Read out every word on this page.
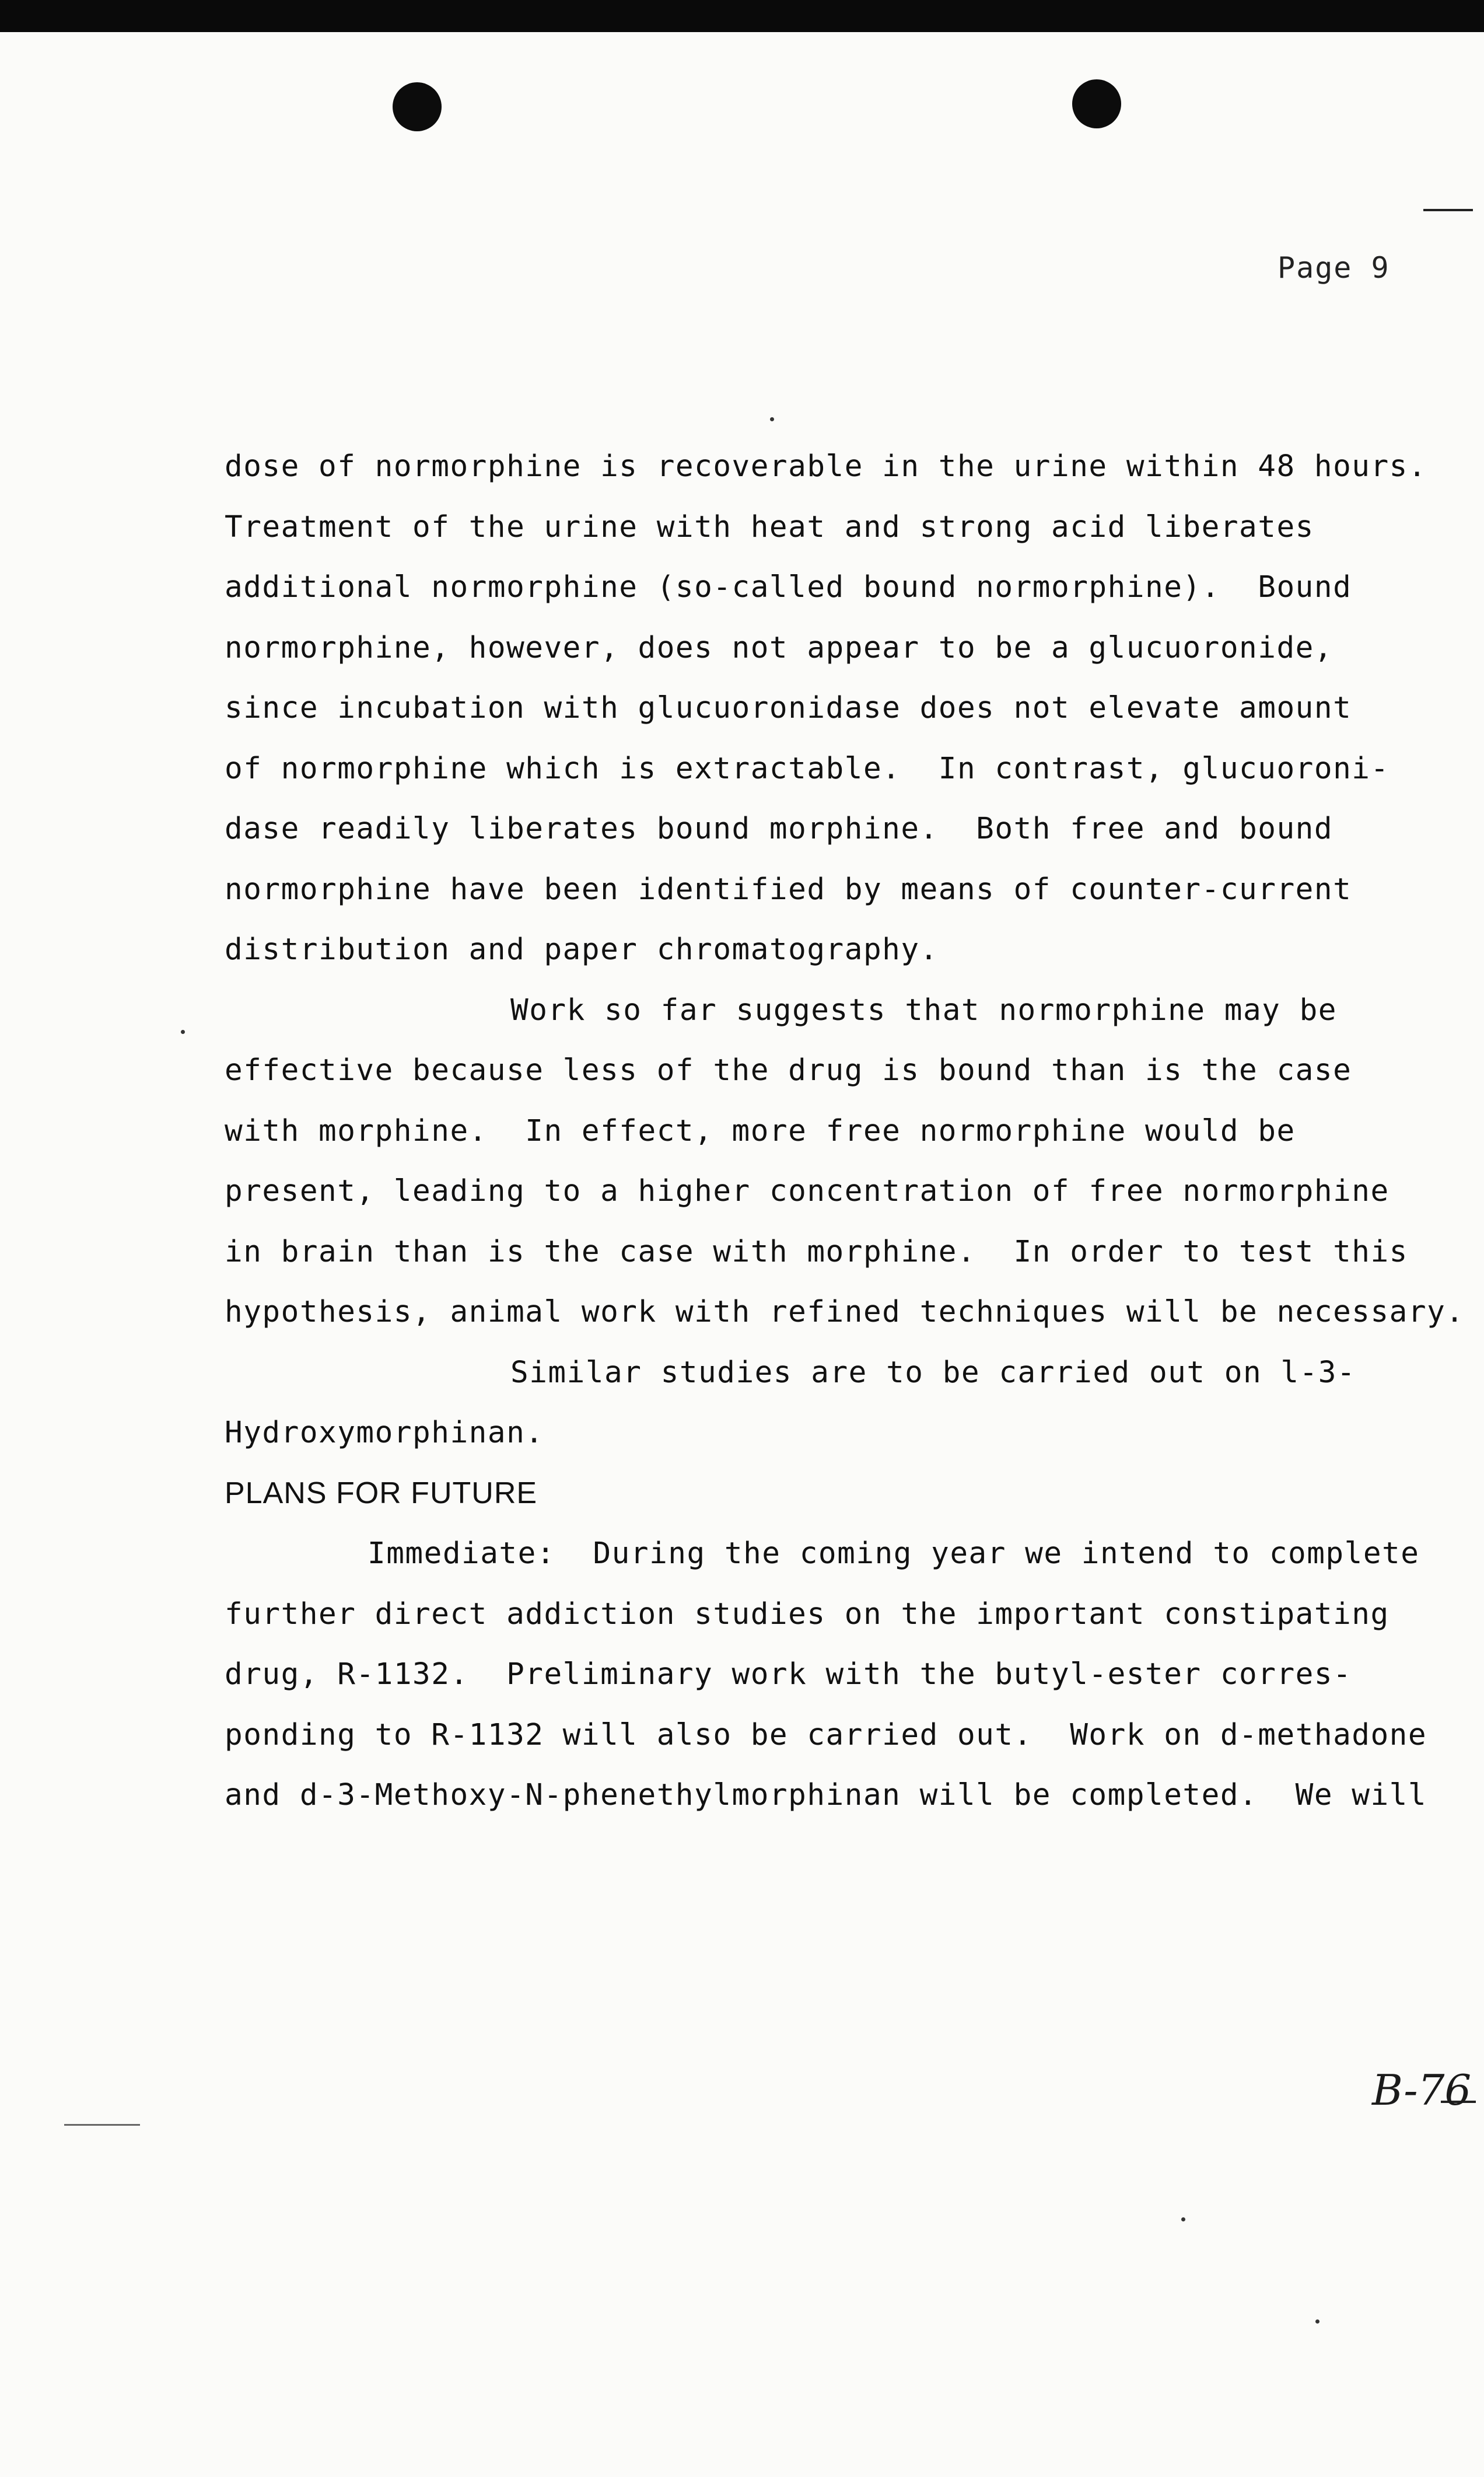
Page 9
dose of normorphine is recoverable in the urine within 48 hours.
Treatment of the urine with heat and strong acid liberates
additional normorphine (so-called bound normorphine).  Bound
normorphine, however, does not appear to be a glucuoronide,
since incubation with glucuoronidase does not elevate amount
of normorphine which is extractable.  In contrast, glucuoroni-
dase readily liberates bound morphine.  Both free and bound
normorphine have been identified by means of counter-current
distribution and paper chromatography.
Work so far suggests that normorphine may be
effective because less of the drug is bound than is the case
with morphine.  In effect, more free normorphine would be
present, leading to a higher concentration of free normorphine
in brain than is the case with morphine.  In order to test this
hypothesis, animal work with refined techniques will be necessary.
Similar studies are to be carried out on l-3-
Hydroxymorphinan.
PLANS FOR FUTURE
Immediate:  During the coming year we intend to complete
further direct addiction studies on the important constipating
drug, R-1132.  Preliminary work with the butyl-ester corres-
ponding to R-1132 will also be carried out.  Work on d-methadone
and d-3-Methoxy-N-phenethylmorphinan will be completed.  We will
B-76
